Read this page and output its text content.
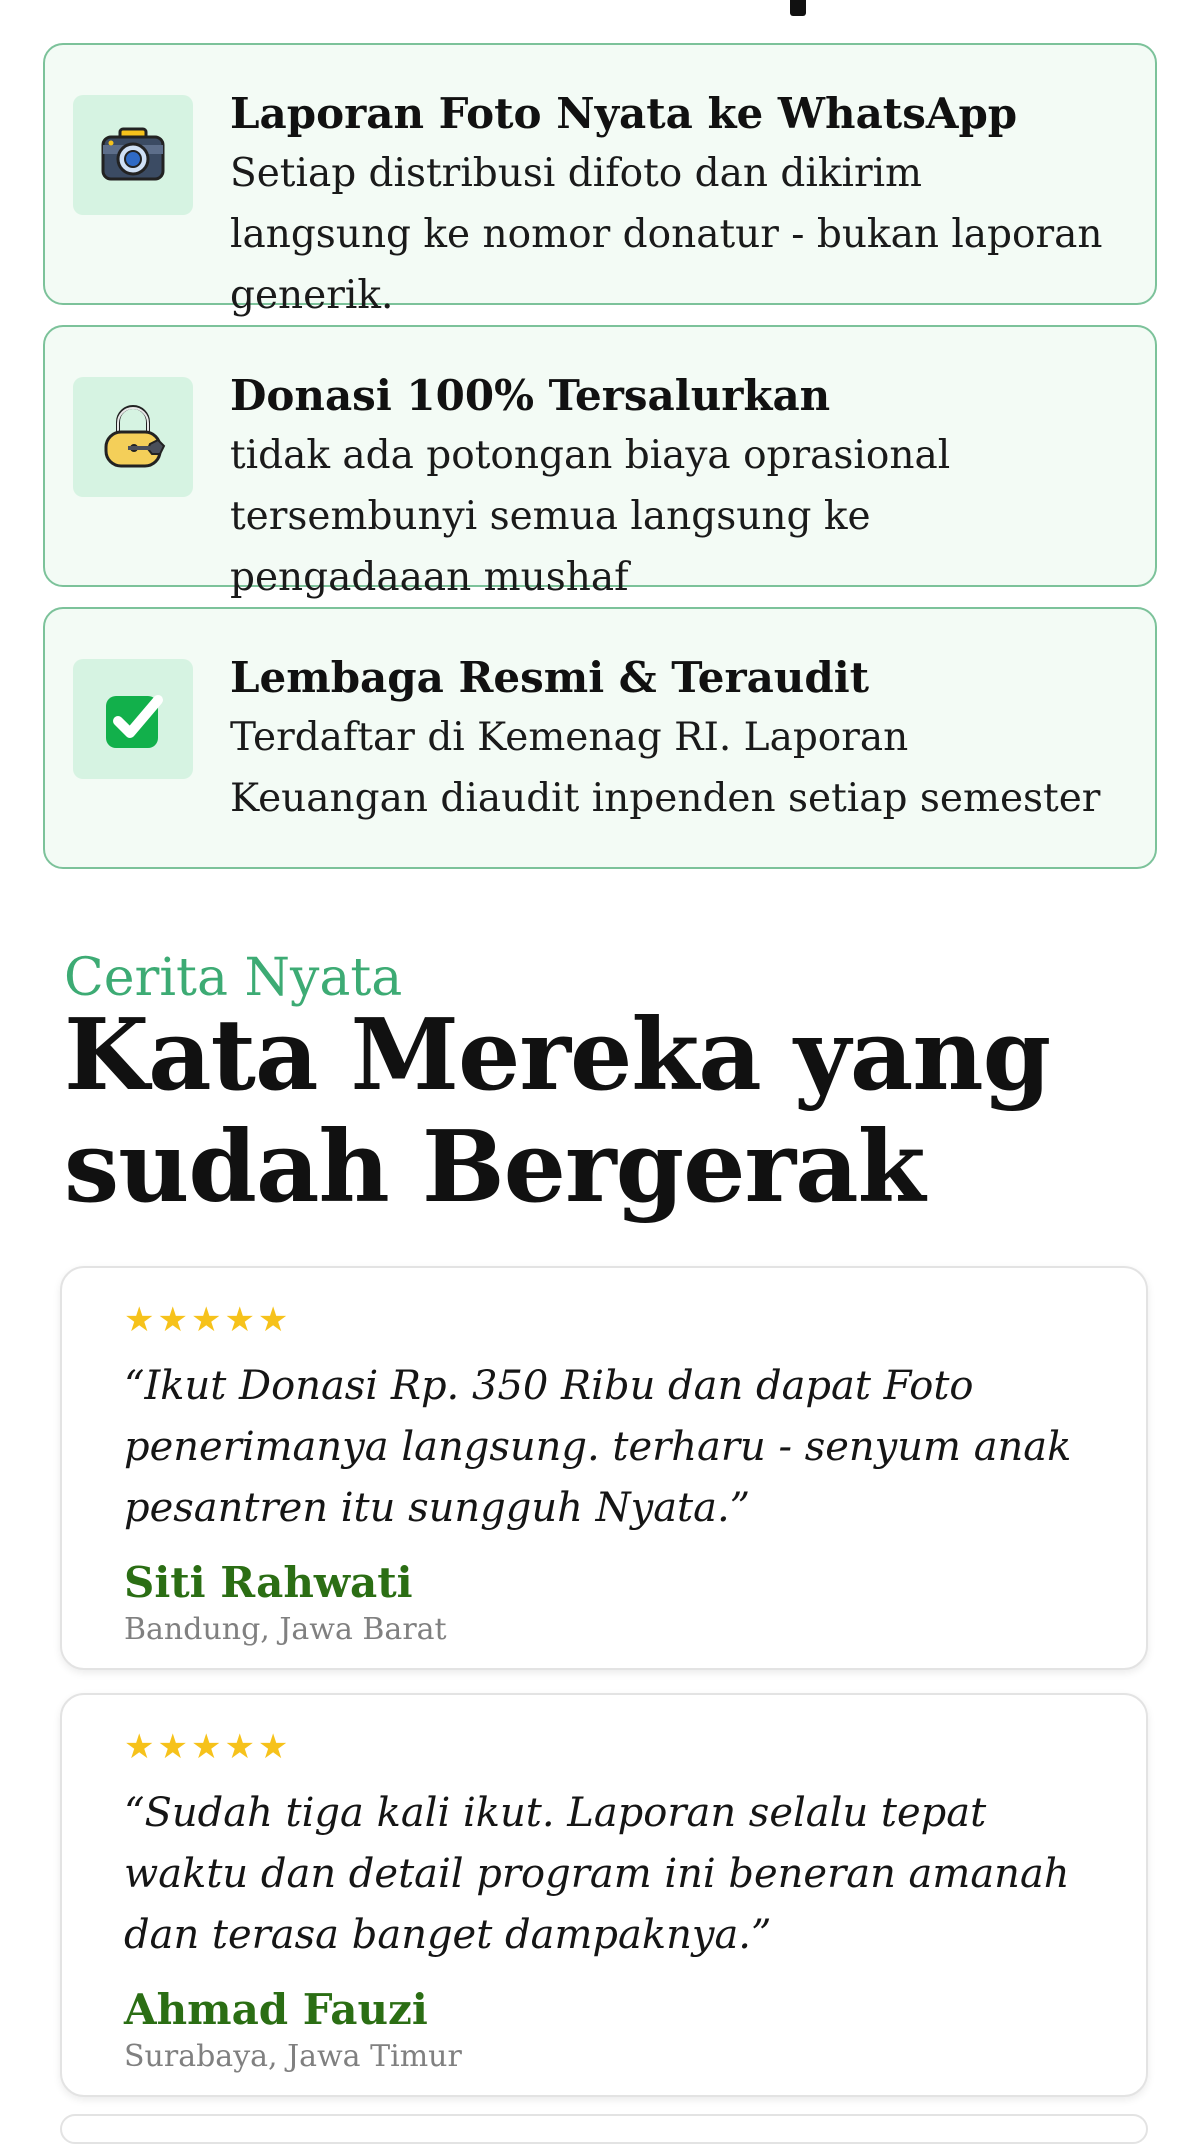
Laporan Foto Nyata ke WhatsApp
Setiap distribusi difoto dan dikirim langsung ke nomor donatur - bukan laporan generik.
Donasi 100% Tersalurkan
tidak ada potongan biaya oprasional tersembunyi semua langsung ke pengadaaan mushaf
Lembaga Resmi & Teraudit
Terdaftar di Kemenag RI. Laporan Keuangan diaudit inpenden setiap semester
Cerita Nyata
Kata Mereka yang sudah Bergerak
★★★★★
“Ikut Donasi Rp. 350 Ribu dan dapat Foto penerimanya langsung. terharu - senyum anak pesantren itu sungguh Nyata.”
Siti Rahwati
Bandung, Jawa Barat
★★★★★
“Sudah tiga kali ikut. Laporan selalu tepat waktu dan detail program ini beneran amanah dan terasa banget dampaknya.”
Ahmad Fauzi
Surabaya, Jawa Timur
